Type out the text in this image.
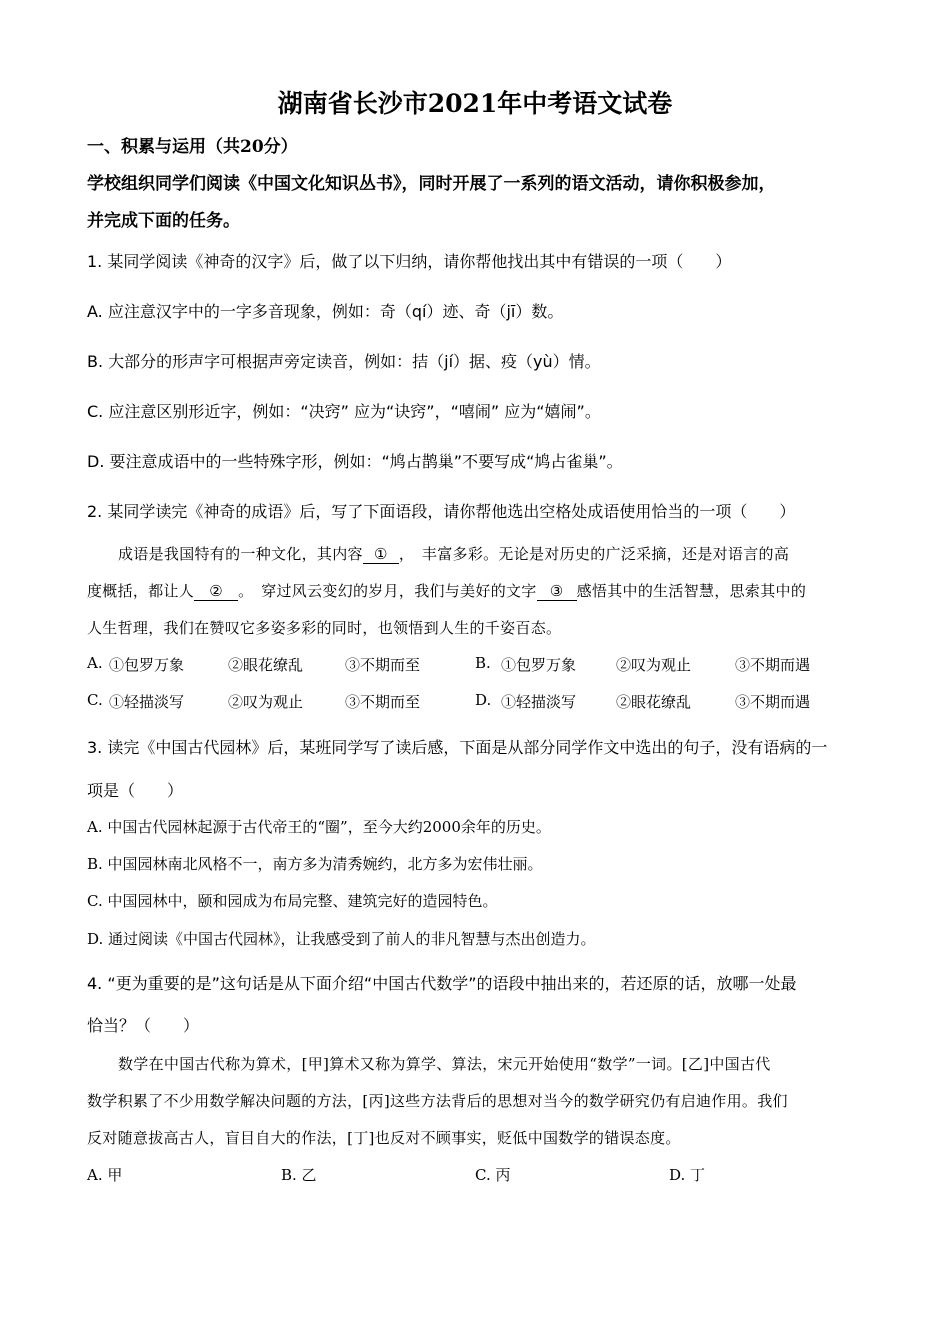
湖南省长沙市2021年中考语文试卷
一、积累与运用（共20分）
学校组织同学们阅读《中国文化知识丛书》，同时开展了一系列的语文活动，请你积极参加，
并完成下面的任务。
1. 某同学阅读《神奇的汉字》后，做了以下归纳，请你帮他找出其中有错误的一项（　　）
A. 应注意汉字中的一字多音现象，例如：奇（qí）迹、奇（jī）数。
B. 大部分的形声字可根据声旁定读音，例如：拮（jí）据、疫（yù）情。
C. 应注意区别形近字，例如：“决窍” 应为“诀窍”，“嘻闹” 应为“嬉闹”。
D. 要注意成语中的一些特殊字形，例如：“鸠占鹊巢”不要写成“鸠占雀巢”。
2. 某同学读完《神奇的成语》后，写了下面语段，请你帮他选出空格处成语使用恰当的一项（　　）
成语是我国特有的一种文化，其内容 ① ，　丰富多彩。无论是对历史的广泛采摘，还是对语言的高
度概括，都让人 ② 。　穿过风云变幻的岁月，我们与美好的文字 ③ 感悟其中的生活智慧，思索其中的
人生哲理，我们在赞叹它多姿多彩的同时，也领悟到人生的千姿百态。
A. ①包罗万象	②眼花缭乱	③不期而至	B. ①包罗万象	②叹为观止	③不期而遇
C. ①轻描淡写	②叹为观止	③不期而至	D. ①轻描淡写	②眼花缭乱	③不期而遇
3. 读完《中国古代园林》后，某班同学写了读后感，下面是从部分同学作文中选出的句子，没有语病的一
项是（　　）
A. 中国古代园林起源于古代帝王的“圈”，至今大约2000余年的历史。
B. 中国园林南北风格不一，南方多为清秀婉约，北方多为宏伟壮丽。
C. 中国园林中，颐和园成为布局完整、建筑完好的造园特色。
D. 通过阅读《中国古代园林》，让我感受到了前人的非凡智慧与杰出创造力。
4. “更为重要的是”这句话是从下面介绍“中国古代数学”的语段中抽出来的，若还原的话，放哪一处最
恰当？（　　）
数学在中国古代称为算术，[甲]算术又称为算学、算法，宋元开始使用“数学”一词。[乙]中国古代
数学积累了不少用数学解决问题的方法，[丙]这些方法背后的思想对当今的数学研究仍有启迪作用。我们
反对随意拔高古人，盲目自大的作法，[丁]也反对不顾事实，贬低中国数学的错误态度。
A. 甲	B. 乙	C. 丙	D. 丁
